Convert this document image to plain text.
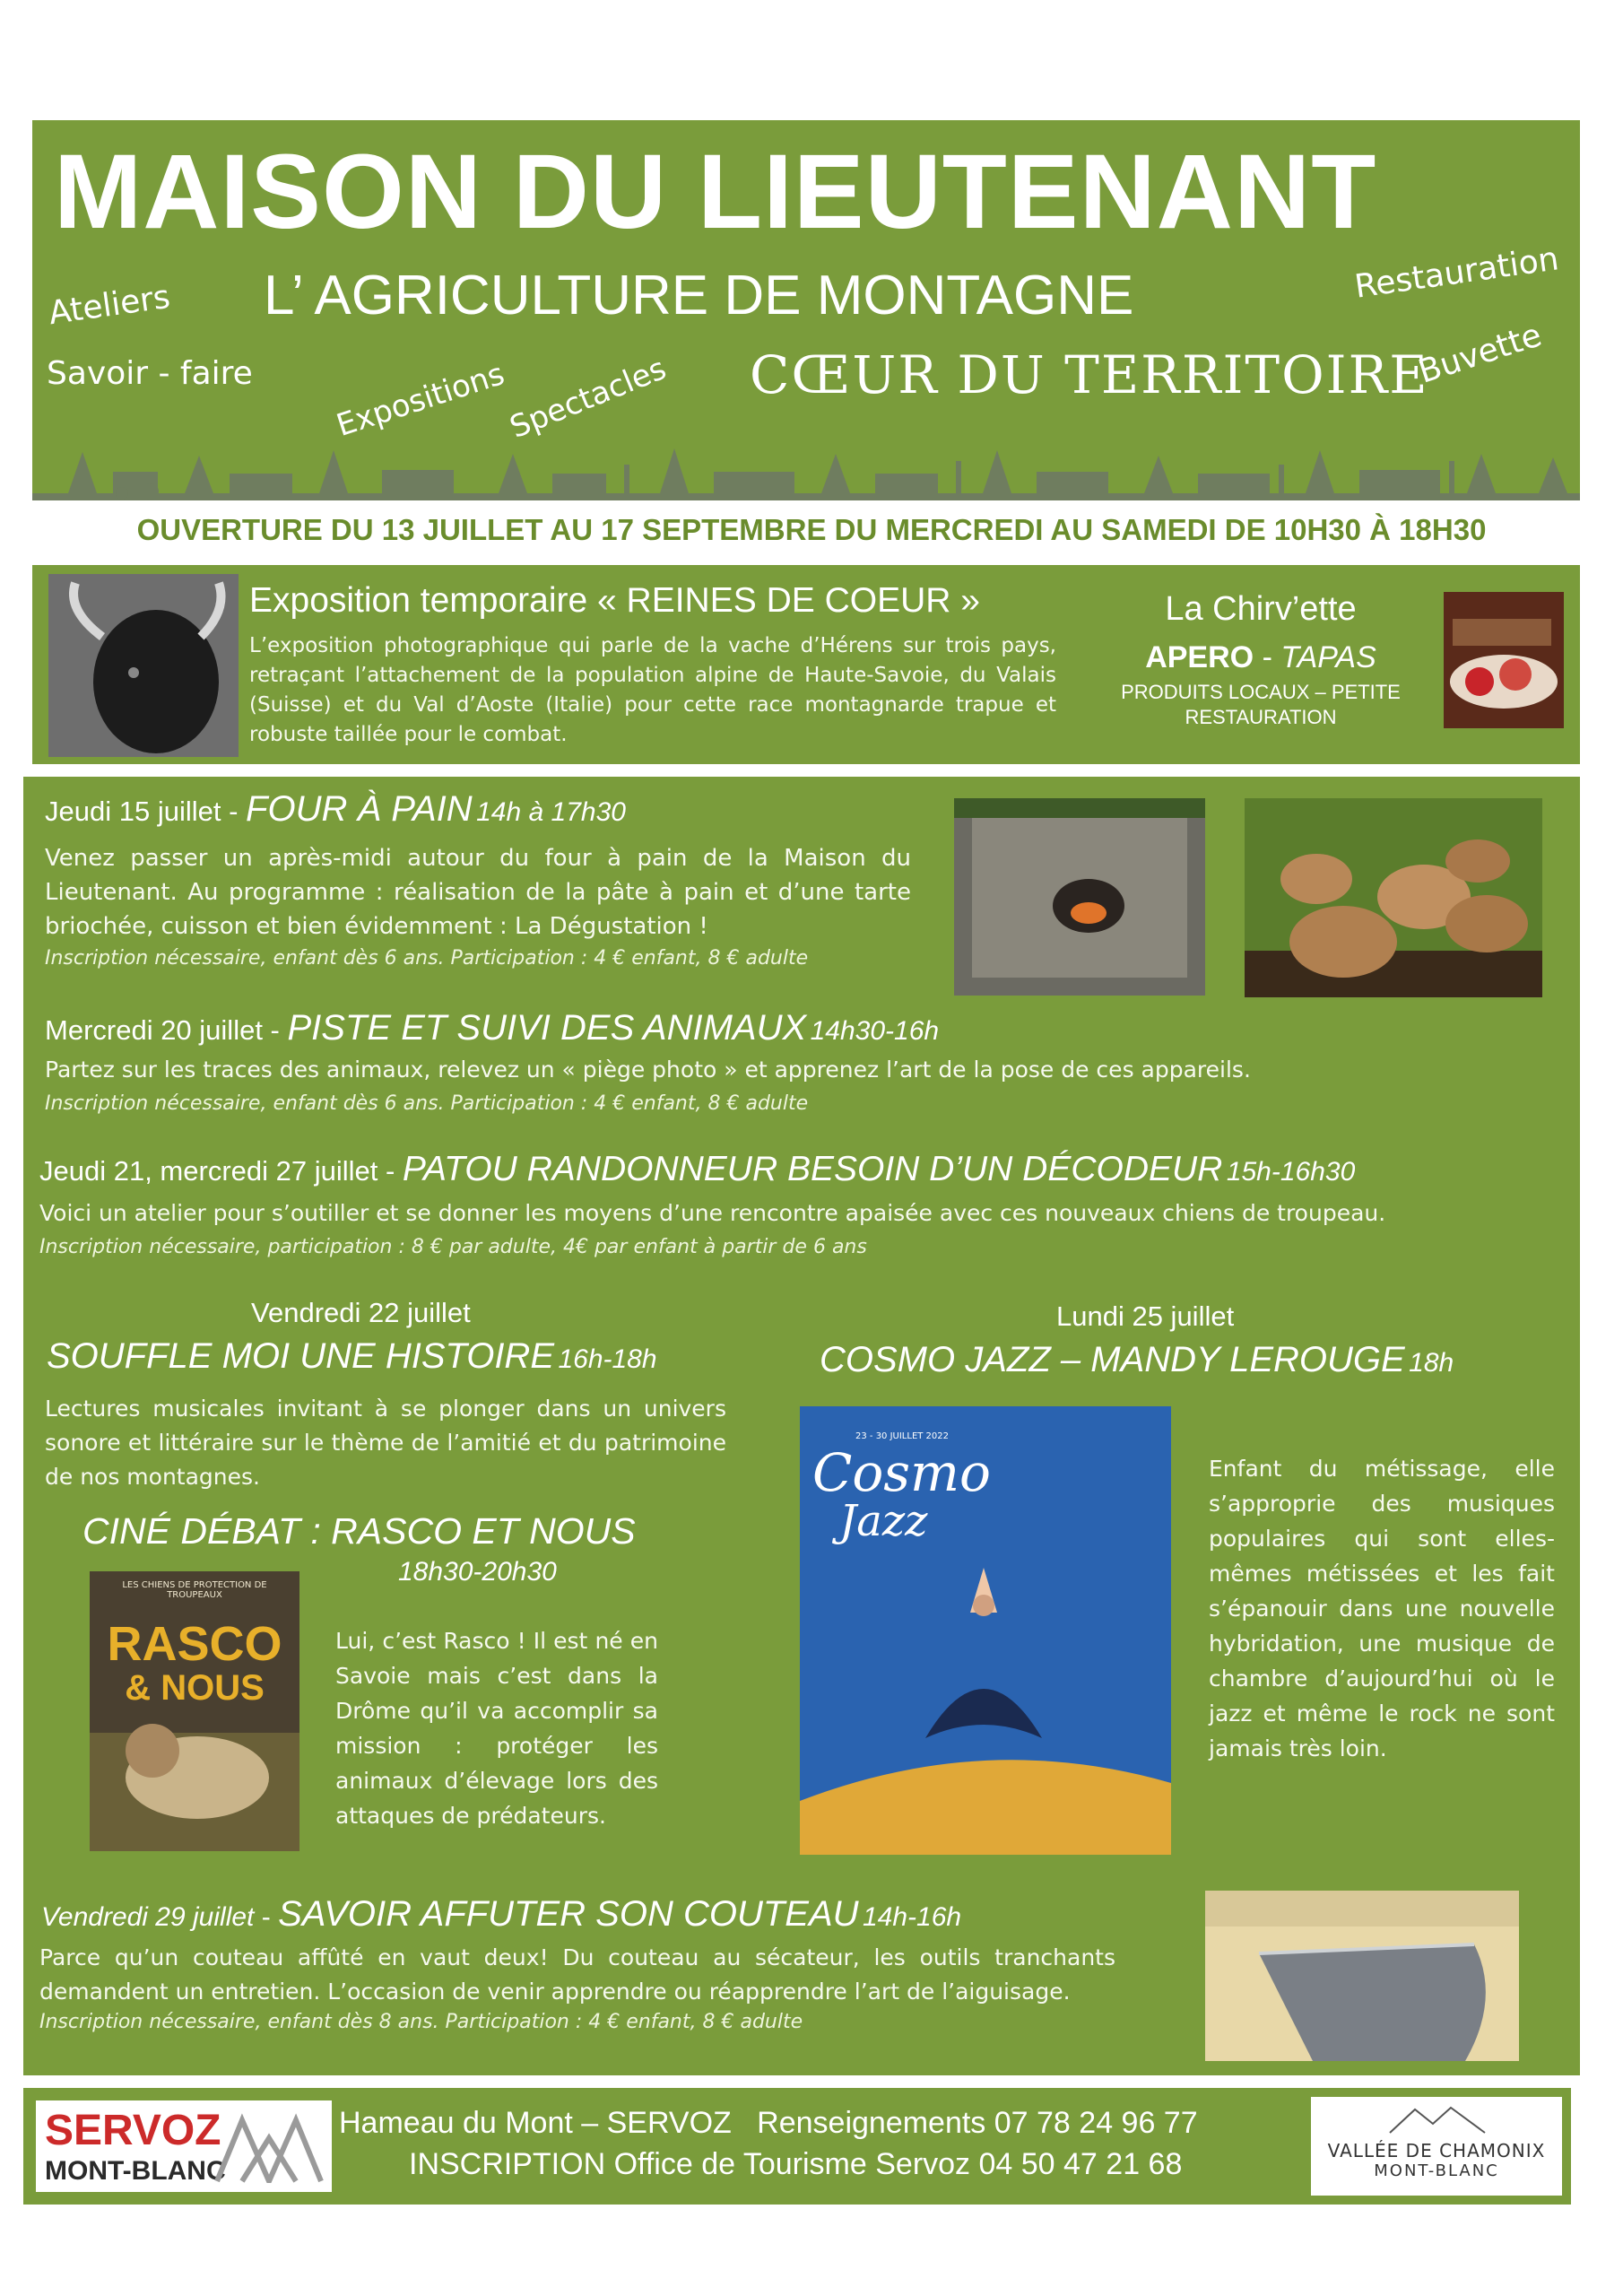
MAISON DU LIEUTENANT
L’ AGRICULTURE DE MONTAGNE
CŒUR DU TERRITOIRE
Ateliers
Savoir - faire	Expositions
Spectacles
Restauration
Buvette
OUVERTURE DU 13 JUILLET AU 17 SEPTEMBRE DU MERCREDI AU SAMEDI DE 10H30 À 18H30
Exposition temporaire « REINES DE COEUR »
L’exposition photographique qui parle de la vache d’Hérens sur trois pays, retraçant l’attachement de la population alpine de Haute-Savoie, du Valais (Suisse) et du Val d’Aoste (Italie) pour cette race montagnarde trapue et robuste taillée pour le combat.
La Chirv’ette
APERO - TAPAS
PRODUITS LOCAUX – PETITE RESTAURATION
Jeudi 15 juillet - FOUR À PAIN 14h à 17h30
Venez passer un après-midi autour du four à pain de la Maison du Lieutenant. Au programme : réalisation de la pâte à pain et d’une tarte briochée, cuisson et bien évidemment : La Dégustation !
Inscription nécessaire, enfant dès 6 ans. Participation : 4 € enfant, 8 € adulte
Mercredi 20 juillet - PISTE ET SUIVI DES ANIMAUX 14h30-16h
Partez sur les traces des animaux, relevez un « piège photo » et apprenez l’art de la pose de ces appareils.
Inscription nécessaire, enfant dès 6 ans. Participation : 4 € enfant, 8 € adulte
Jeudi 21, mercredi 27 juillet - PATOU RANDONNEUR BESOIN D’UN DÉCODEUR 15h-16h30
Voici un atelier pour s’outiller et se donner les moyens d’une rencontre apaisée avec ces nouveaux chiens de troupeau.
Inscription nécessaire, participation : 8 € par adulte, 4€ par enfant à partir de 6 ans
Vendredi 22 juillet
SOUFFLE MOI UNE HISTOIRE 16h-18h
Lectures musicales invitant à se plonger dans un univers sonore et littéraire sur le thème de l’amitié et du patrimoine de nos montagnes.
CINÉ DÉBAT : RASCO ET NOUS
18h30-20h30
LES CHIENS DE PROTECTION DE TROUPEAUX
RASCO
& NOUS
Lui, c’est Rasco ! Il est né en Savoie mais c’est dans la Drôme qu’il va accomplir sa mission : protéger les animaux d’élevage lors des attaques de prédateurs.
Lundi 25 juillet
COSMO JAZZ – MANDY LEROUGE 18h
23 - 30 JUILLET 2022
Cosmo
Jazz
Enfant du métissage, elle s’approprie des musiques populaires qui sont elles-mêmes métissées et les fait s’épanouir dans une nouvelle hybridation, une musique de chambre d’aujourd’hui où le jazz et même le rock ne sont jamais très loin.
Vendredi 29 juillet - SAVOIR AFFUTER SON COUTEAU 14h-16h
Parce qu’un couteau affûté en vaut deux! Du couteau au sécateur, les outils tranchants demandent un entretien. L’occasion de venir apprendre ou réapprendre l’art de l’aiguisage.
Inscription nécessaire, enfant dès 8 ans. Participation : 4 € enfant, 8 € adulte
SERVOZ
MONT-BLANC
Hameau du Mont – SERVOZ Renseignements 07 78 24 96 77
INSCRIPTION Office de Tourisme Servoz 04 50 47 21 68	VALLÉE DE CHAMONIX
MONT-BLANC
